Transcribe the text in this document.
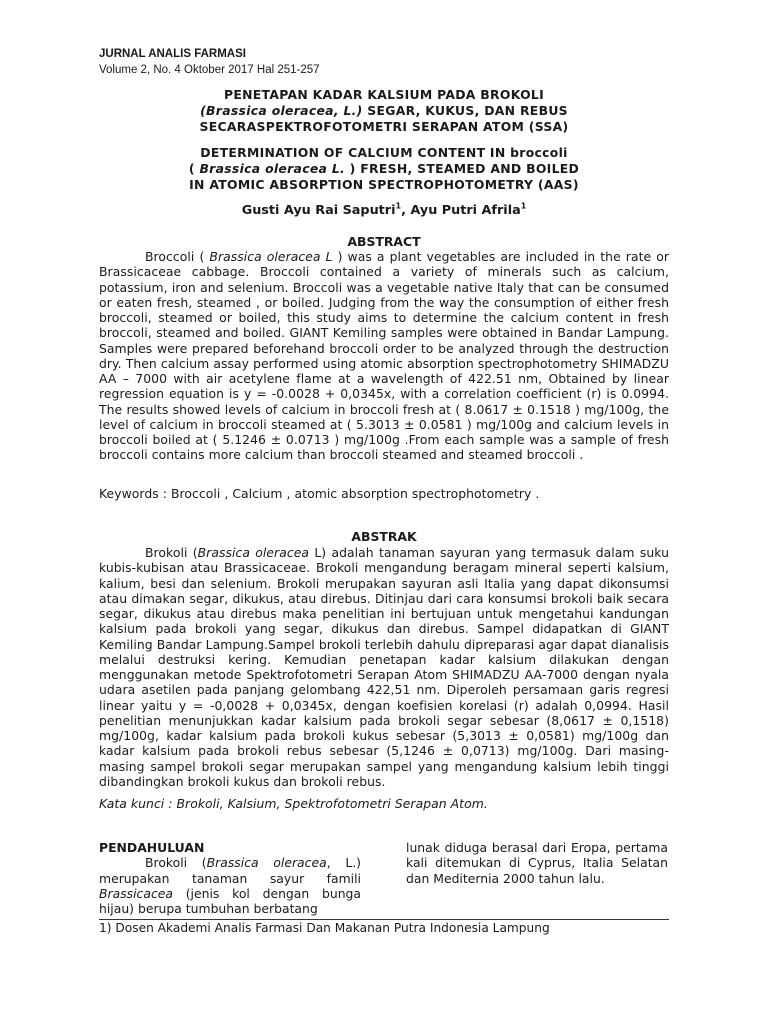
JURNAL ANALIS FARMASI
Volume 2, No. 4 Oktober 2017 Hal 251-257
PENETAPAN KADAR KALSIUM PADA BROKOLI
(Brassica oleracea, L.) SEGAR, KUKUS, DAN REBUS
SECARASPEKTROFOTOMETRI SERAPAN ATOM (SSA)
DETERMINATION OF CALCIUM CONTENT IN broccoli
( Brassica oleracea L. ) FRESH, STEAMED AND BOILED
IN ATOMIC ABSORPTION SPECTROPHOTOMETRY (AAS)
Gusti Ayu Rai Saputri$^1$, Ayu Putri Afrila$^1$
ABSTRACT
Broccoli ( Brassica oleracea L ) was a plant vegetables are included in the rate or Brassicaceae cabbage. Broccoli contained a variety of minerals such as calcium, potassium, iron and selenium. Broccoli was a vegetable native Italy that can be consumed or eaten fresh, steamed , or boiled. Judging from the way the consumption of either fresh broccoli, steamed or boiled, this study aims to determine the calcium content in fresh broccoli, steamed and boiled. GIANT Kemiling samples were obtained in Bandar Lampung. Samples were prepared beforehand broccoli order to be analyzed through the destruction dry. Then calcium assay performed using atomic absorption spectrophotometry SHIMADZU AA – 7000 with air acetylene flame at a wavelength of 422.51 nm, Obtained by linear regression equation is y = -0.0028 + 0,0345x, with a correlation coefficient (r) is 0.0994. The results showed levels of calcium in broccoli fresh at ( 8.0617 ± 0.1518 ) mg/100g, the level of calcium in broccoli steamed at ( 5.3013 ± 0.0581 ) mg/100g and calcium levels in broccoli boiled at ( 5.1246 ± 0.0713 ) mg/100g .From each sample was a sample of fresh broccoli contains more calcium than broccoli steamed and steamed broccoli .
Keywords : Broccoli , Calcium , atomic absorption spectrophotometry .
ABSTRAK
Brokoli (Brassica oleracea L) adalah tanaman sayuran yang termasuk dalam suku kubis-kubisan atau Brassicaceae. Brokoli mengandung beragam mineral seperti kalsium, kalium, besi dan selenium. Brokoli merupakan sayuran asli Italia yang dapat dikonsumsi atau dimakan segar, dikukus, atau direbus. Ditinjau dari cara konsumsi brokoli baik secara segar, dikukus atau direbus maka penelitian ini bertujuan untuk mengetahui kandungan kalsium pada brokoli yang segar, dikukus dan direbus. Sampel didapatkan di GIANT Kemiling Bandar Lampung.Sampel brokoli terlebih dahulu dipreparasi agar dapat dianalisis melalui destruksi kering. Kemudian penetapan kadar kalsium dilakukan dengan menggunakan metode Spektrofotometri Serapan Atom SHIMADZU AA-7000 dengan nyala udara asetilen pada panjang gelombang 422,51 nm. Diperoleh persamaan garis regresi linear yaitu y = -0,0028 + 0,0345x, dengan koefisien korelasi (r) adalah 0,0994. Hasil penelitian menunjukkan kadar kalsium pada brokoli segar sebesar (8,0617 ± 0,1518) mg/100g, kadar kalsium pada brokoli kukus sebesar (5,3013 ± 0,0581) mg/100g dan kadar kalsium pada brokoli rebus sebesar (5,1246 ± 0,0713) mg/100g. Dari masing-masing sampel brokoli segar merupakan sampel yang mengandung kalsium lebih tinggi dibandingkan brokoli kukus dan brokoli rebus.
Kata kunci : Brokoli, Kalsium, Spektrofotometri Serapan Atom.
PENDAHULUAN
Brokoli (Brassica oleracea, L.) merupakan tanaman sayur famili Brassicacea (jenis kol dengan bunga hijau) berupa tumbuhan berbatang
lunak diduga berasal dari Eropa, pertama kali ditemukan di Cyprus, Italia Selatan dan Mediternia 2000 tahun lalu.
1) Dosen Akademi Analis Farmasi Dan Makanan Putra Indonesia Lampung
